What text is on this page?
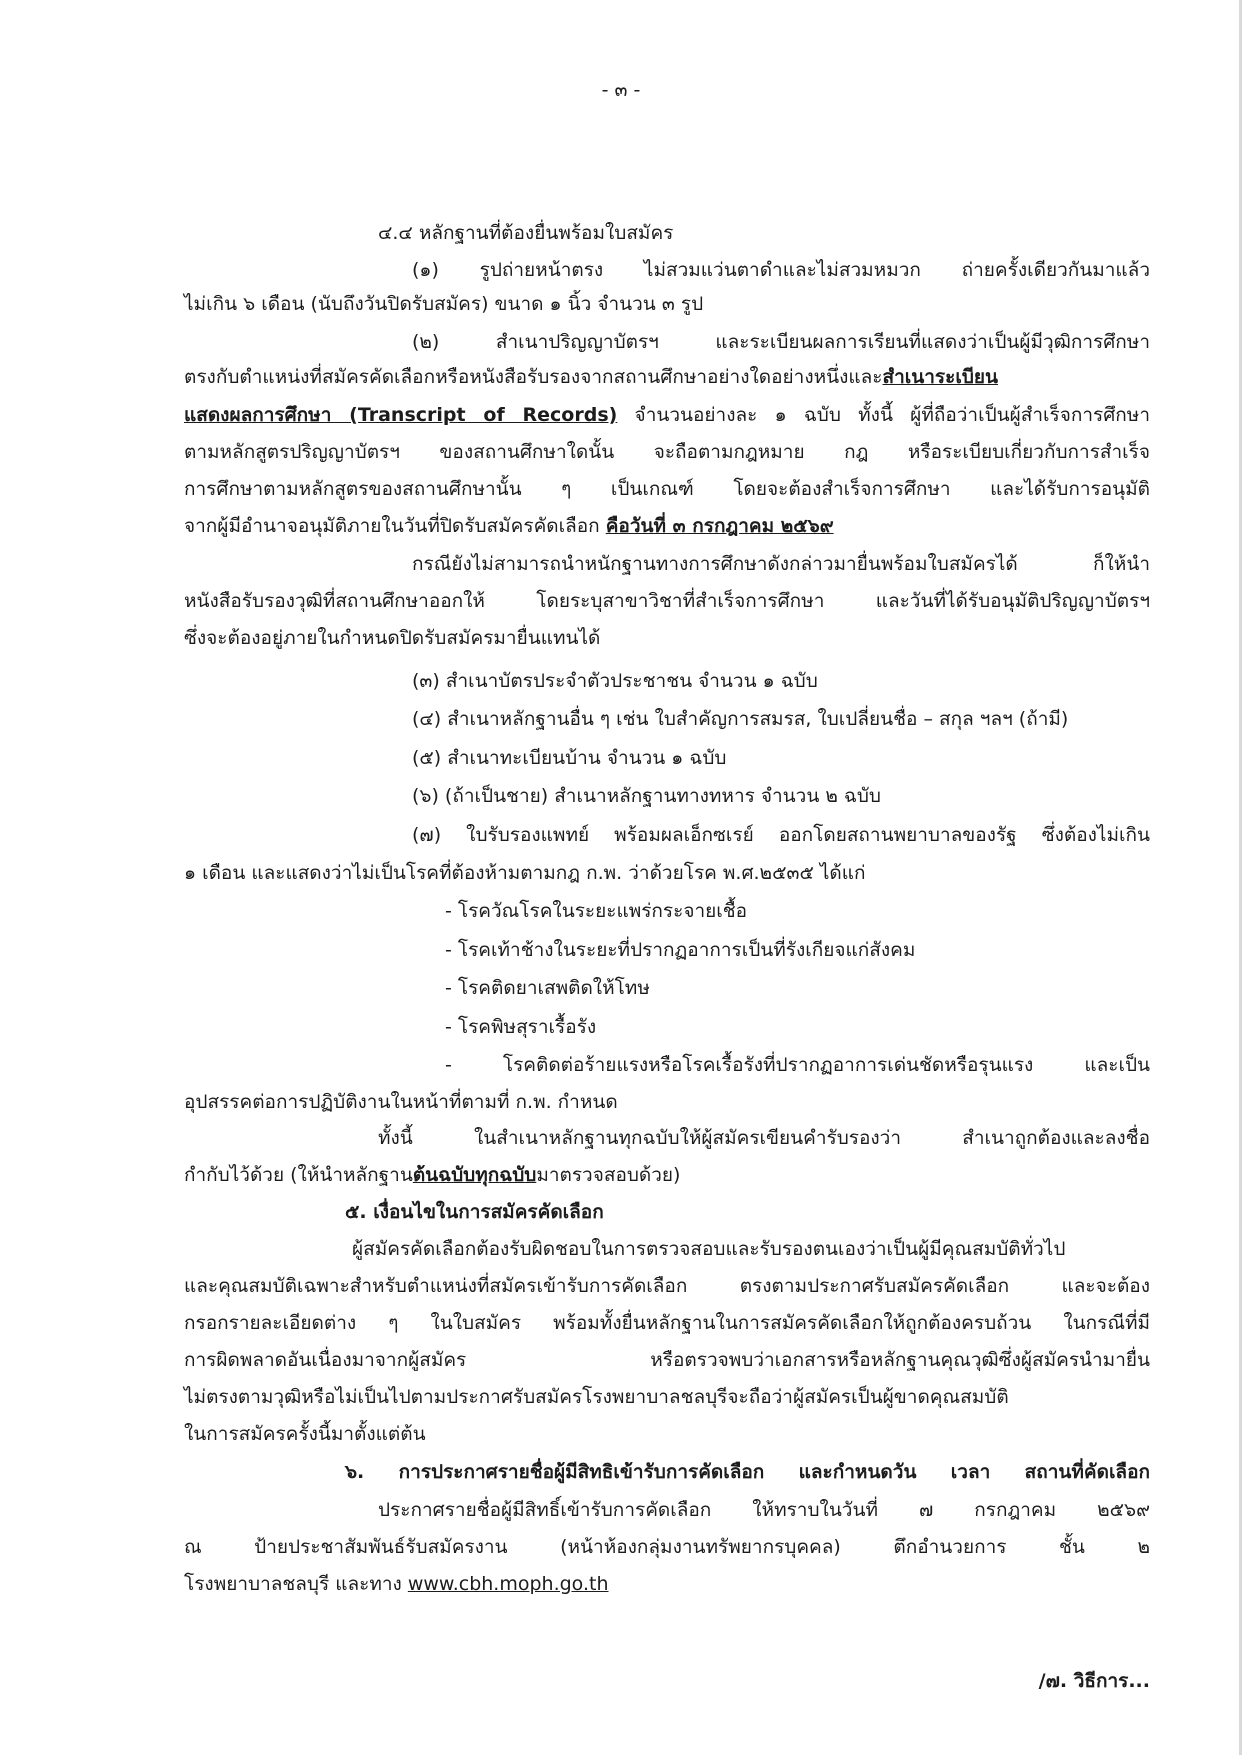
- ๓ -
๔.๔ หลักฐานที่ต้องยื่นพร้อมใบสมัคร
(๑) รูปถ่ายหน้าตรง ไม่สวมแว่นตาดำและไม่สวมหมวก ถ่ายครั้งเดียวกันมาแล้ว
ไม่เกิน ๖ เดือน (นับถึงวันปิดรับสมัคร) ขนาด ๑ นิ้ว จำนวน ๓ รูป
(๒) สำเนาปริญญาบัตรฯ และระเบียนผลการเรียนที่แสดงว่าเป็นผู้มีวุฒิการศึกษา
ตรงกับตำแหน่งที่สมัครคัดเลือกหรือหนังสือรับรองจากสถานศึกษาอย่างใดอย่างหนึ่งและสำเนาระเบียน
แสดงผลการศึกษา (Transcript of Records) จำนวนอย่างละ ๑ ฉบับ ทั้งนี้ ผู้ที่ถือว่าเป็นผู้สำเร็จการศึกษา
ตามหลักสูตรปริญญาบัตรฯ ของสถานศึกษาใดนั้น จะถือตามกฎหมาย กฎ หรือระเบียบเกี่ยวกับการสำเร็จ
การศึกษาตามหลักสูตรของสถานศึกษานั้น ๆ เป็นเกณฑ์ โดยจะต้องสำเร็จการศึกษา และได้รับการอนุมัติ
จากผู้มีอำนาจอนุมัติภายในวันที่ปิดรับสมัครคัดเลือก คือวันที่ ๓ กรกฎาคม ๒๕๖๙
กรณียังไม่สามารถนำหนักฐานทางการศึกษาดังกล่าวมายื่นพร้อมใบสมัครได้ ก็ให้นำ
หนังสือรับรองวุฒิที่สถานศึกษาออกให้ โดยระบุสาขาวิชาที่สำเร็จการศึกษา และวันที่ได้รับอนุมัติปริญญาบัตรฯ
ซึ่งจะต้องอยู่ภายในกำหนดปิดรับสมัครมายื่นแทนได้
(๓) สำเนาบัตรประจำตัวประชาชน จำนวน ๑ ฉบับ
(๔) สำเนาหลักฐานอื่น ๆ เช่น ใบสำคัญการสมรส, ใบเปลี่ยนชื่อ – สกุล ฯลฯ (ถ้ามี)
(๕) สำเนาทะเบียนบ้าน จำนวน ๑ ฉบับ
(๖) (ถ้าเป็นชาย) สำเนาหลักฐานทางทหาร จำนวน ๒ ฉบับ
(๗) ใบรับรองแพทย์ พร้อมผลเอ็กซเรย์ ออกโดยสถานพยาบาลของรัฐ ซึ่งต้องไม่เกิน
๑ เดือน และแสดงว่าไม่เป็นโรคที่ต้องห้ามตามกฎ ก.พ. ว่าด้วยโรค พ.ศ.๒๕๓๕ ได้แก่
- โรควัณโรคในระยะแพร่กระจายเชื้อ
- โรคเท้าช้างในระยะที่ปรากฏอาการเป็นที่รังเกียจแก่สังคม
- โรคติดยาเสพติดให้โทษ
- โรคพิษสุราเรื้อรัง
- โรคติดต่อร้ายแรงหรือโรคเรื้อรังที่ปรากฏอาการเด่นชัดหรือรุนแรง และเป็น
อุปสรรคต่อการปฏิบัติงานในหน้าที่ตามที่ ก.พ. กำหนด
ทั้งนี้ ในสำเนาหลักฐานทุกฉบับให้ผู้สมัครเขียนคำรับรองว่า สำเนาถูกต้องและลงชื่อ
กำกับไว้ด้วย (ให้นำหลักฐานต้นฉบับทุกฉบับมาตรวจสอบด้วย)
๕. เงื่อนไขในการสมัครคัดเลือก
ผู้สมัครคัดเลือกต้องรับผิดชอบในการตรวจสอบและรับรองตนเองว่าเป็นผู้มีคุณสมบัติทั่วไป
และคุณสมบัติเฉพาะสำหรับตำแหน่งที่สมัครเข้ารับการคัดเลือก ตรงตามประกาศรับสมัครคัดเลือก และจะต้อง
กรอกรายละเอียดต่าง ๆ ในใบสมัคร พร้อมทั้งยื่นหลักฐานในการสมัครคัดเลือกให้ถูกต้องครบถ้วน ในกรณีที่มี
การผิดพลาดอันเนื่องมาจากผู้สมัคร หรือตรวจพบว่าเอกสารหรือหลักฐานคุณวุฒิซึ่งผู้สมัครนำมายื่น
ไม่ตรงตามวุฒิหรือไม่เป็นไปตามประกาศรับสมัครโรงพยาบาลชลบุรีจะถือว่าผู้สมัครเป็นผู้ขาดคุณสมบัติ
ในการสมัครครั้งนี้มาตั้งแต่ต้น
๖. การประกาศรายชื่อผู้มีสิทธิเข้ารับการคัดเลือก และกำหนดวัน เวลา สถานที่คัดเลือก
ประกาศรายชื่อผู้มีสิทธิ์เข้ารับการคัดเลือก ให้ทราบในวันที่ ๗ กรกฎาคม ๒๕๖๙
ณ ป้ายประชาสัมพันธ์รับสมัครงาน (หน้าห้องกลุ่มงานทรัพยากรบุคคล) ตึกอำนวยการ ชั้น ๒
โรงพยาบาลชลบุรี และทาง www.cbh.moph.go.th
/๗. วิธีการ...
